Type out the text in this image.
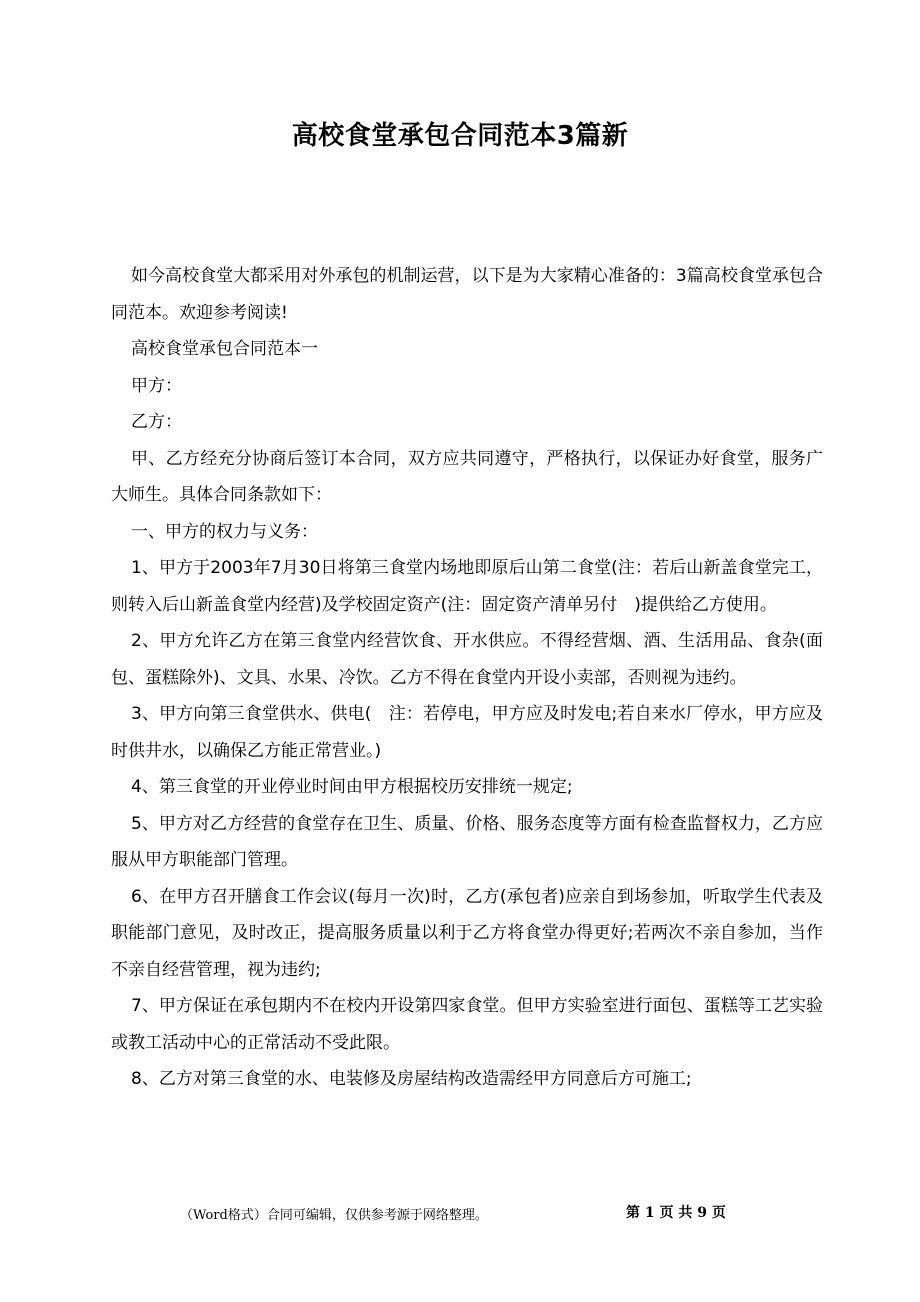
高校食堂承包合同范本3篇新

如今高校食堂大都采用对外承包的机制运营，以下是为大家精心准备的：3篇高校食堂承包合同范本。欢迎参考阅读!

高校食堂承包合同范本一

甲方：

乙方：

甲、乙方经充分协商后签订本合同，双方应共同遵守，严格执行，以保证办好食堂，服务广大师生。具体合同条款如下：

一、甲方的权力与义务：

1、甲方于2003年7月30日将第三食堂内场地即原后山第二食堂(注：若后山新盖食堂完工，则转入后山新盖食堂内经营)及学校固定资产(注：固定资产清单另付　)提供给乙方使用。

2、甲方允许乙方在第三食堂内经营饮食、开水供应。不得经营烟、酒、生活用品、食杂(面包、蛋糕除外)、文具、水果、冷饮。乙方不得在食堂内开设小卖部，否则视为违约。

3、甲方向第三食堂供水、供电(　注：若停电，甲方应及时发电;若自来水厂停水，甲方应及时供井水，以确保乙方能正常营业。)

4、第三食堂的开业停业时间由甲方根据校历安排统一规定;

5、甲方对乙方经营的食堂存在卫生、质量、价格、服务态度等方面有检查监督权力，乙方应服从甲方职能部门管理。

6、在甲方召开膳食工作会议(每月一次)时，乙方(承包者)应亲自到场参加，听取学生代表及职能部门意见，及时改正，提高服务质量以利于乙方将食堂办得更好;若两次不亲自参加，当作不亲自经营管理，视为违约;

7、甲方保证在承包期内不在校内开设第四家食堂。但甲方实验室进行面包、蛋糕等工艺实验或教工活动中心的正常活动不受此限。

8、乙方对第三食堂的水、电装修及房屋结构改造需经甲方同意后方可施工;

（Word格式）合同可编辑，仅供参考源于网络整理。	第 1 页 共 9 页
